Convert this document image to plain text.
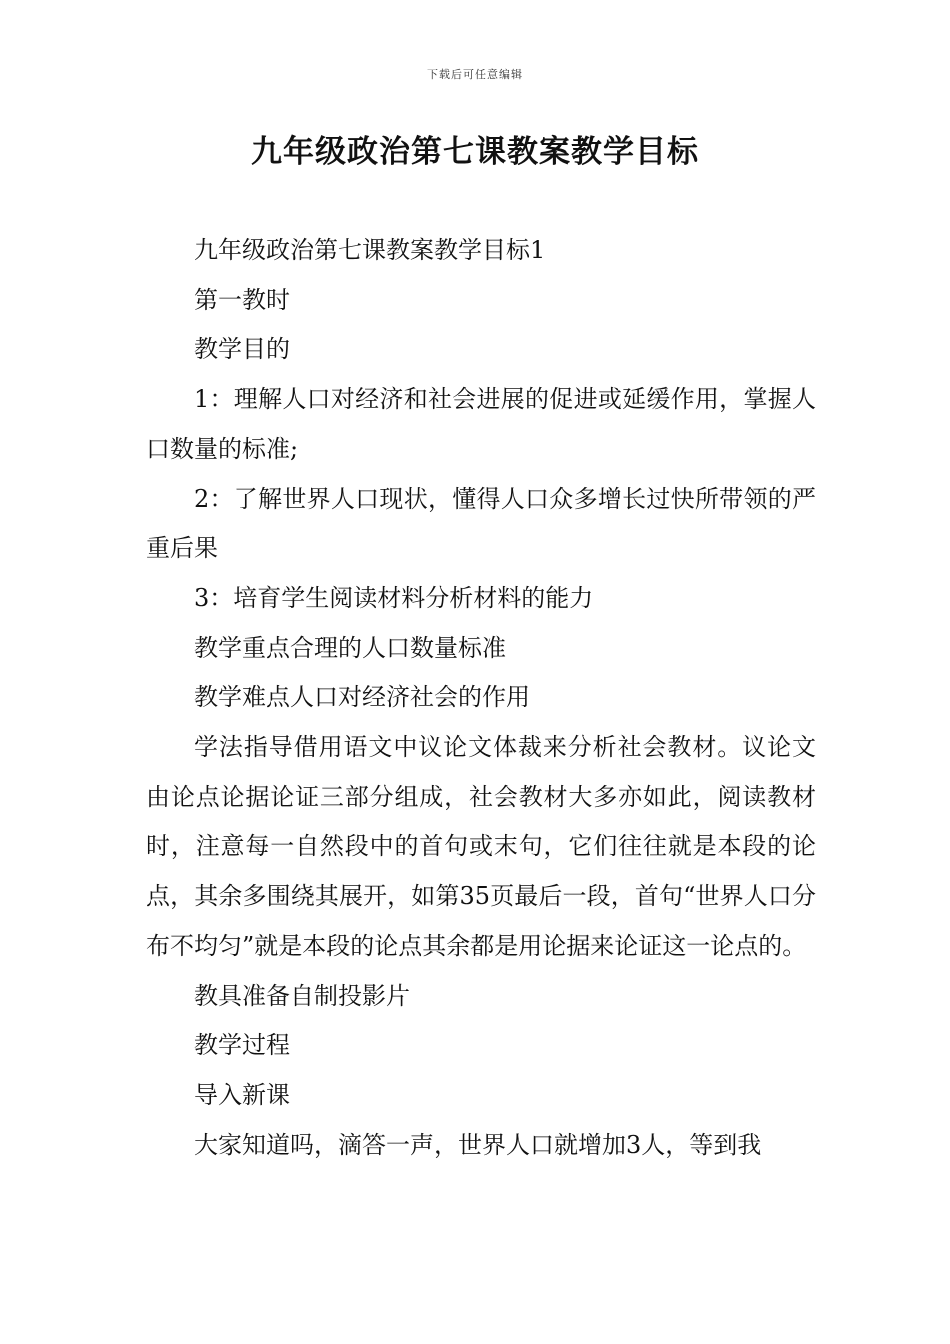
下载后可任意编辑
九年级政治第七课教案教学目标

九年级政治第七课教案教学目标1

第一教时

教学目的

1：理解人口对经济和社会进展的促进或延缓作用，掌握人口数量的标准;

2：了解世界人口现状，懂得人口众多增长过快所带领的严重后果

3：培育学生阅读材料分析材料的能力

教学重点合理的人口数量标准

教学难点人口对经济社会的作用

学法指导借用语文中议论文体裁来分析社会教材。议论文由论点论据论证三部分组成，社会教材大多亦如此，阅读教材时，注意每一自然段中的首句或末句，它们往往就是本段的论点，其余多围绕其展开，如第35页最后一段，首句“世界人口分布不均匀”就是本段的论点其余都是用论据来论证这一论点的。

教具准备自制投影片

教学过程

导入新课

大家知道吗，滴答一声，世界人口就增加3人，等到我
